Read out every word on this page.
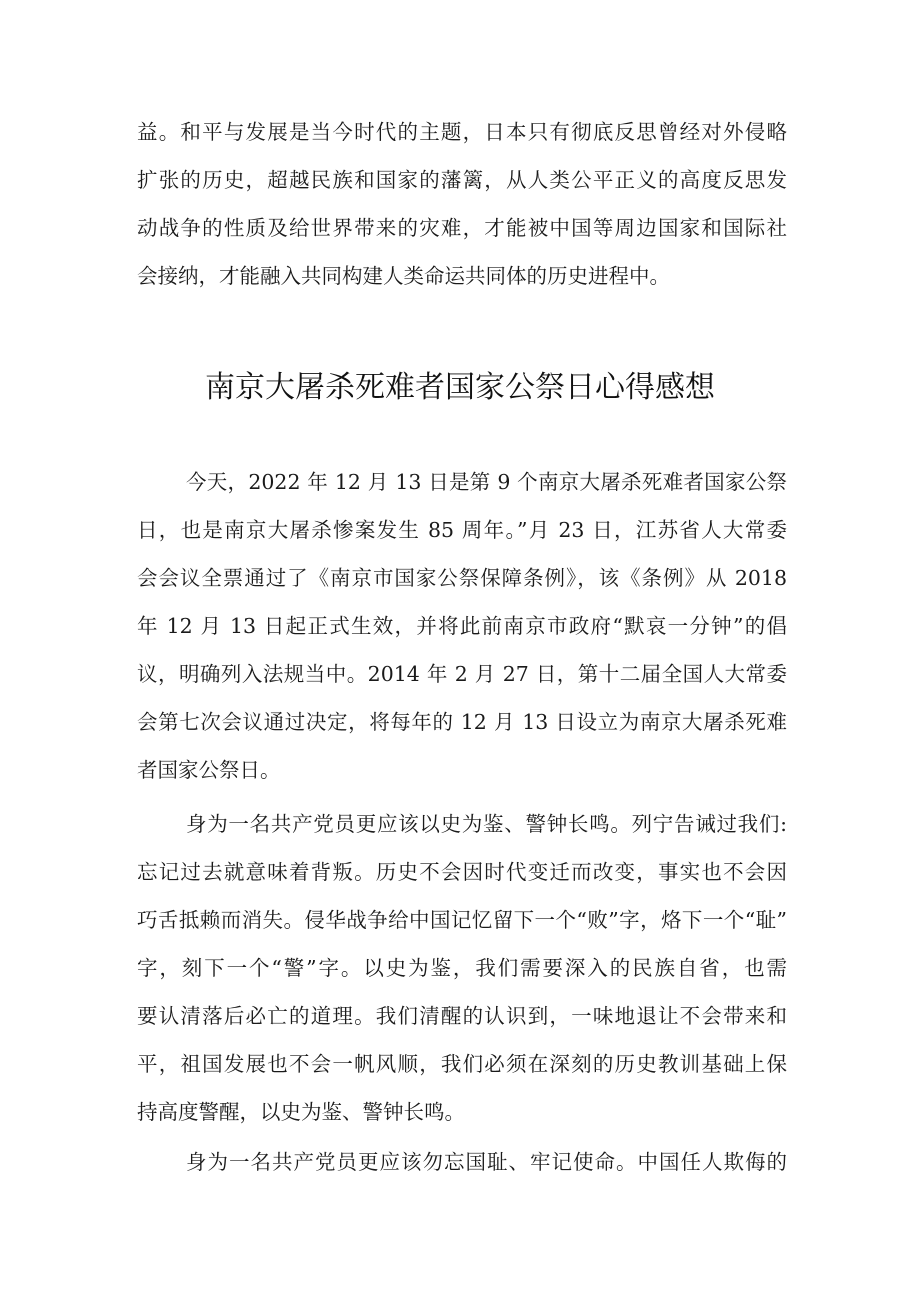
益。和平与发展是当今时代的主题，日本只有彻底反思曾经对外侵略
扩张的历史，超越民族和国家的藩篱，从人类公平正义的高度反思发
动战争的性质及给世界带来的灾难，才能被中国等周边国家和国际社
会接纳，才能融入共同构建人类命运共同体的历史进程中。
南京大屠杀死难者国家公祭日心得感想
今天，2022 年 12 月 13 日是第 9 个南京大屠杀死难者国家公祭
日，也是南京大屠杀惨案发生 85 周年。”月 23 日，江苏省人大常委
会会议全票通过了《南京市国家公祭保障条例》，该《条例》从 2018
年 12 月 13 日起正式生效，并将此前南京市政府“默哀一分钟”的倡
议，明确列入法规当中。2014 年 2 月 27 日，第十二届全国人大常委
会第七次会议通过决定，将每年的 12 月 13 日设立为南京大屠杀死难
者国家公祭日。
身为一名共产党员更应该以史为鉴、警钟长鸣。列宁告诫过我们:
忘记过去就意味着背叛。历史不会因时代变迁而改变，事实也不会因
巧舌抵赖而消失。侵华战争给中国记忆留下一个“败”字，烙下一个“耻”
字，刻下一个“警”字。以史为鉴，我们需要深入的民族自省，也需
要认清落后必亡的道理。我们清醒的认识到，一味地退让不会带来和
平，祖国发展也不会一帆风顺，我们必须在深刻的历史教训基础上保
持高度警醒，以史为鉴、警钟长鸣。
身为一名共产党员更应该勿忘国耻、牢记使命。中国任人欺侮的
